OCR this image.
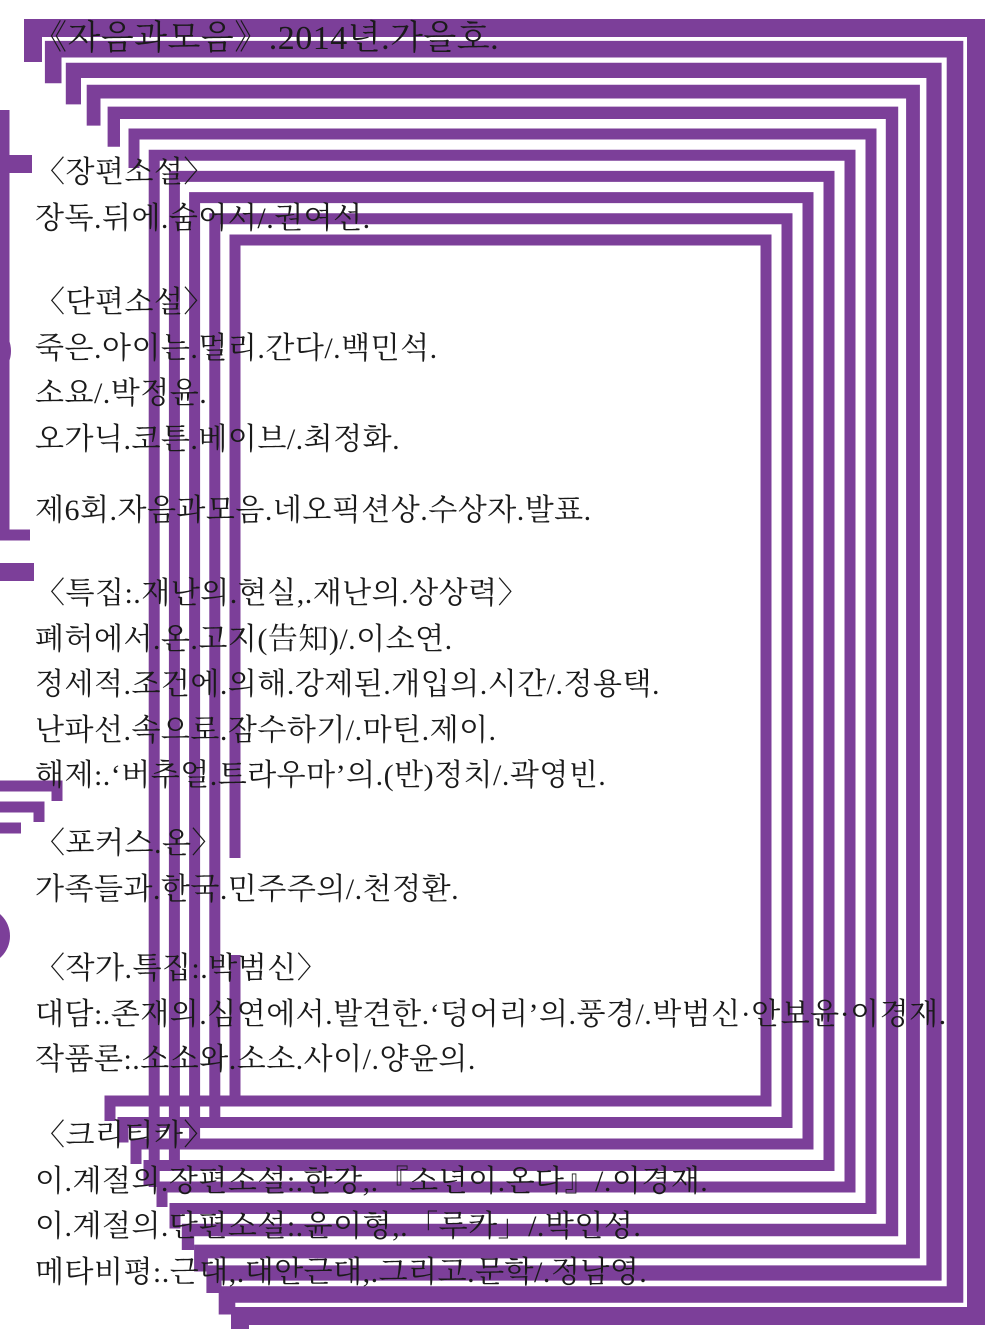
《자음과모음》.2014년.가을호.
〈장편소설〉
장독.뒤에.숨어서/.권여선.
〈단편소설〉
죽은.아이는.멀리.간다/.백민석.
소요/.박정윤.
오가닉.코튼.베이브/.최정화.
제6회.자음과모음.네오픽션상.수상자.발표.
〈특집:.재난의.현실,.재난의.상상력〉
폐허에서.온.고지(告知)/.이소연.
정세적.조건에.의해.강제된.개입의.시간/.정용택.
난파선.속으로.잠수하기/.마틴.제이.
해제:.‘버추얼.트라우마’의.(반)정치/.곽영빈.
〈포커스.온〉
가족들과.한국.민주주의/.천정환.
〈작가.특집:.박범신〉
대담:.존재의.심연에서.발견한.‘덩어리’의.풍경/.박범신·안보윤·이경재.
작품론:.소소와.소소.사이/.양윤의.
〈크리티카〉
이.계절의.장편소설:.한강,.『소년이.온다』/.이경재.
이.계절의.단편소설:.윤이형,.「루카」/.박인성.
메타비평:.근대,.대안근대,.그리고.문학/.정남영.
